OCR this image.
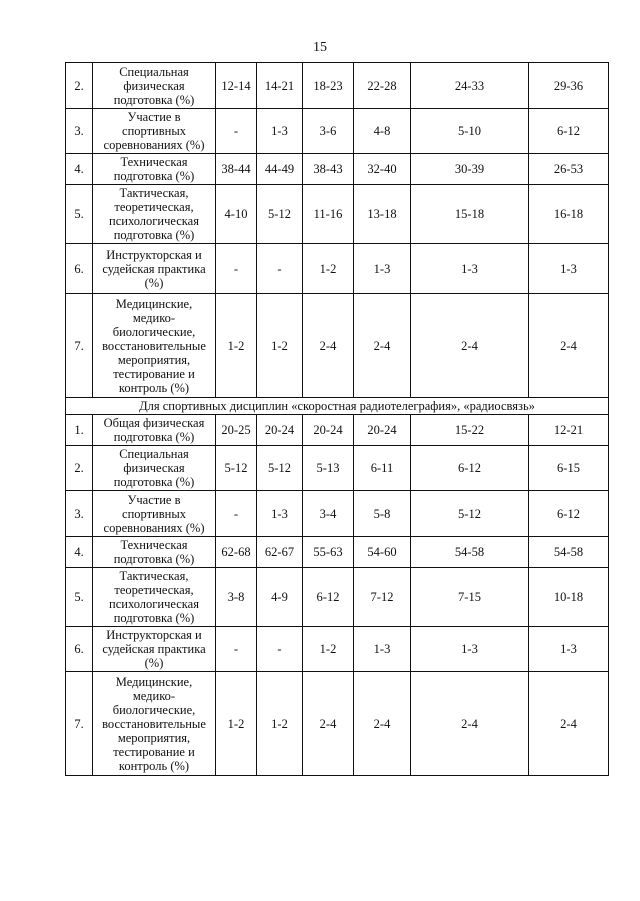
15
2.	Специальная физическая подготовка (%)	12-14	14-21	18-23	22-28	24-33	29-36
3.	Участие в спортивных соревнованиях (%)	-	1-3	3-6	4-8	5-10	6-12
4.	Техническая подготовка (%)	38-44	44-49	38-43	32-40	30-39	26-53
5.	Тактическая, теоретическая, психологическая подготовка (%)	4-10	5-12	11-16	13-18	15-18	16-18
6.	Инструкторская и судейская практика (%)	-	-	1-2	1-3	1-3	1-3
7.	Медицинские, медико-биологические, восстановительные мероприятия, тестирование и контроль (%)	1-2	1-2	2-4	2-4	2-4	2-4
Для спортивных дисциплин «скоростная радиотелеграфия», «радиосвязь»							
1.	Общая физическая подготовка (%)	20-25	20-24	20-24	20-24	15-22	12-21
2.	Специальная физическая подготовка (%)	5-12	5-12	5-13	6-11	6-12	6-15
3.	Участие в спортивных соревнованиях (%)	-	1-3	3-4	5-8	5-12	6-12
4.	Техническая подготовка (%)	62-68	62-67	55-63	54-60	54-58	54-58
5.	Тактическая, теоретическая, психологическая подготовка (%)	3-8	4-9	6-12	7-12	7-15	10-18
6.	Инструкторская и судейская практика (%)	-	-	1-2	1-3	1-3	1-3
7.	Медицинские, медико-биологические, восстановительные мероприятия, тестирование и контроль (%)	1-2	1-2	2-4	2-4	2-4	2-4
